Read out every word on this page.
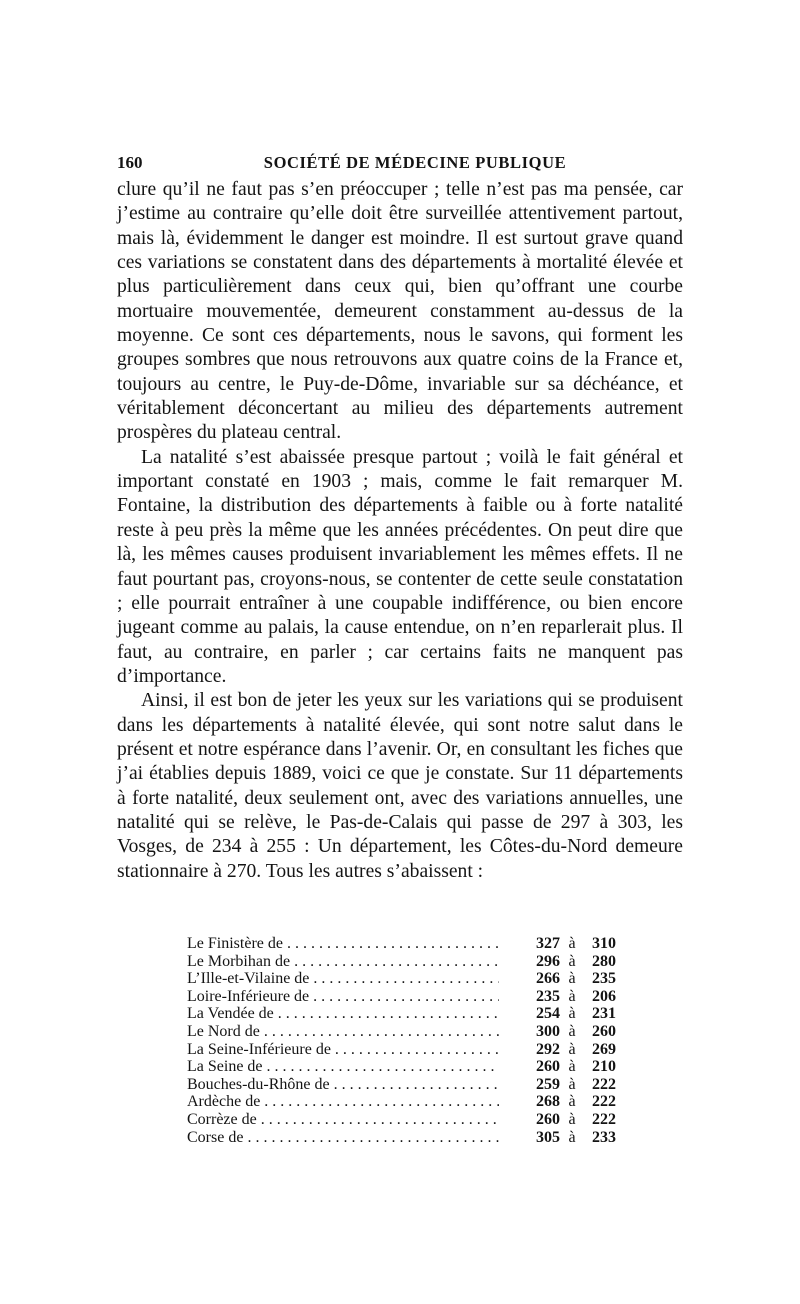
160	SOCIÉTÉ DE MÉDECINE PUBLIQUE

clure qu’il ne faut pas s’en préoccuper ; telle n’est pas ma pensée, car j’estime au contraire qu’elle doit être surveillée attentivement partout, mais là, évidemment le danger est moindre. Il est surtout grave quand ces variations se constatent dans des départements à mortalité élevée et plus particulièrement dans ceux qui, bien qu’offrant une courbe mortuaire mouvementée, demeurent constamment au-dessus de la moyenne. Ce sont ces départements, nous le savons, qui forment les groupes sombres que nous retrouvons aux quatre coins de la France et, toujours au centre, le Puy-de-Dôme, invariable sur sa déchéance, et véritablement déconcertant au milieu des départements autrement prospères du plateau central.

La natalité s’est abaissée presque partout ; voilà le fait général et important constaté en 1903 ; mais, comme le fait remarquer M. Fontaine, la distribution des départements à faible ou à forte natalité reste à peu près la même que les années précédentes. On peut dire que là, les mêmes causes produisent invariablement les mêmes effets. Il ne faut pourtant pas, croyons-nous, se contenter de cette seule constatation ; elle pourrait entraîner à une coupable indifférence, ou bien encore jugeant comme au palais, la cause entendue, on n’en reparlerait plus. Il faut, au contraire, en parler ; car certains faits ne manquent pas d’importance.

Ainsi, il est bon de jeter les yeux sur les variations qui se produisent dans les départements à natalité élevée, qui sont notre salut dans le présent et notre espérance dans l’avenir. Or, en consultant les fiches que j’ai établies depuis 1889, voici ce que je constate. Sur 11 départements à forte natalité, deux seulement ont, avec des variations annuelles, une natalité qui se relève, le Pas-de-Calais qui passe de 297 à 303, les Vosges, de 234 à 255 : Un département, les Côtes-du-Nord demeure stationnaire à 270. Tous les autres s’abaissent :

Le Finistère de . . .	327 à	310
Le Morbihan de . . .	296 à	280
L’Ille-et-Vilaine de . . .	266 à	235
Loire-Inférieure de . . .	235 à	206
La Vendée de . . .	254 à	231
Le Nord de . . .	300 à	260
La Seine-Inférieure de . . .	292 à	269
La Seine de . . .	260 à	210
Bouches-du-Rhône de . . .	259 à	222
Ardèche de . . .	268 à	222
Corrèze de . . .	260 à	222
Corse de . . .	305 à	233
